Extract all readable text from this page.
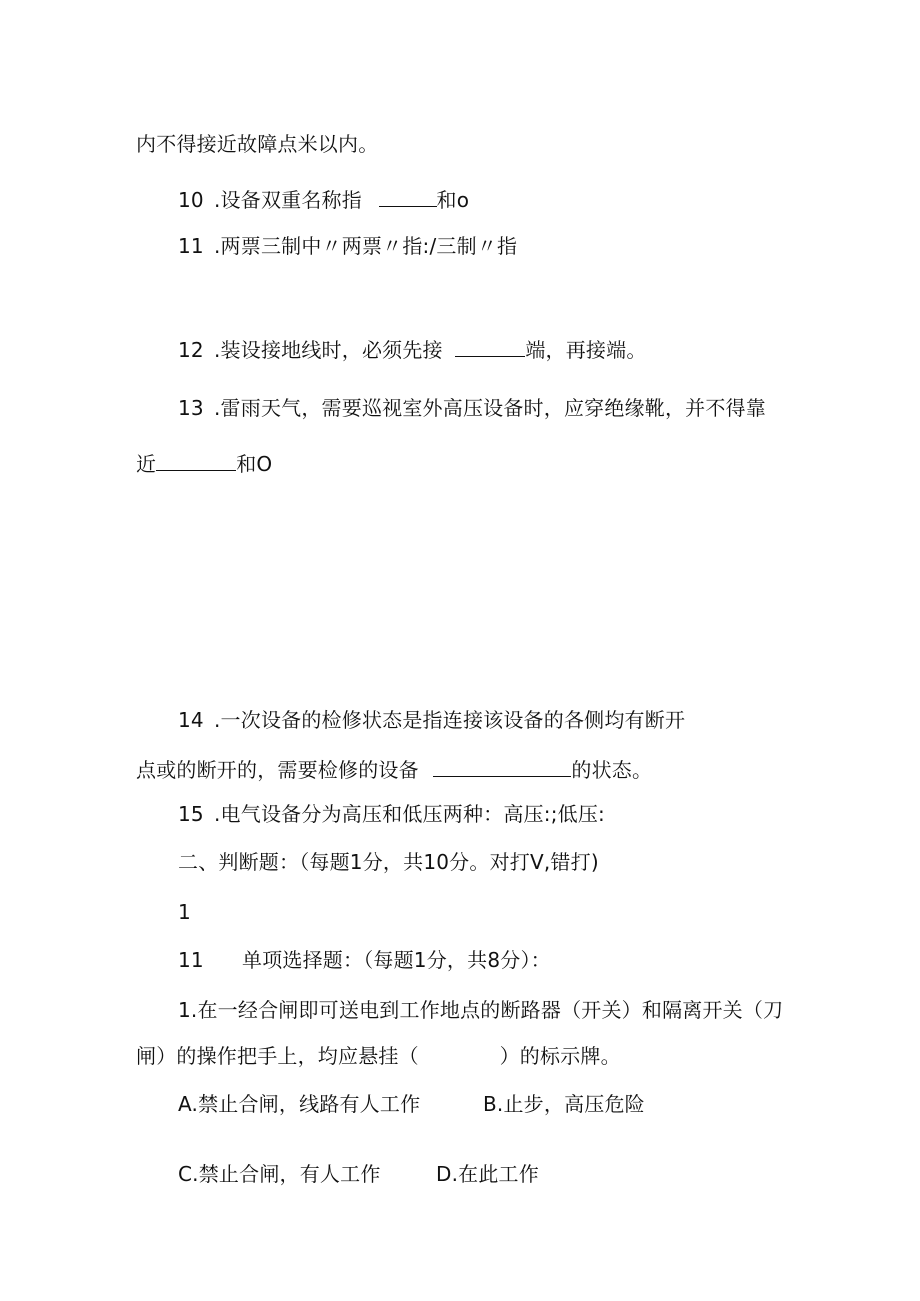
内不得接近故障点米以内。
10 .设备双重名称指	和o
11 .两票三制中〃两票〃指:/三制〃指
12 .装设接地线时，必须先接	端，再接端。
13 .雷雨天气，需要巡视室外高压设备时，应穿绝缘靴，并不得靠
近	和O
14 .一次设备的检修状态是指连接该设备的各侧均有断开
点或的断开的，需要检修的设备	的状态。
15 .电气设备分为高压和低压两种：高压:;低压:
二、判断题：（每题1分，共10分。对打V,错打)
1
11 单项选择题：（每题1分，共8分）：
1.在一经合闸即可送电到工作地点的断路器（开关）和隔离开关（刀
闸）的操作把手上，均应悬挂（　　　　）的标示牌。
A.禁止合闸，线路有人工作	B.止步，高压危险
C.禁止合闸，有人工作	D.在此工作
